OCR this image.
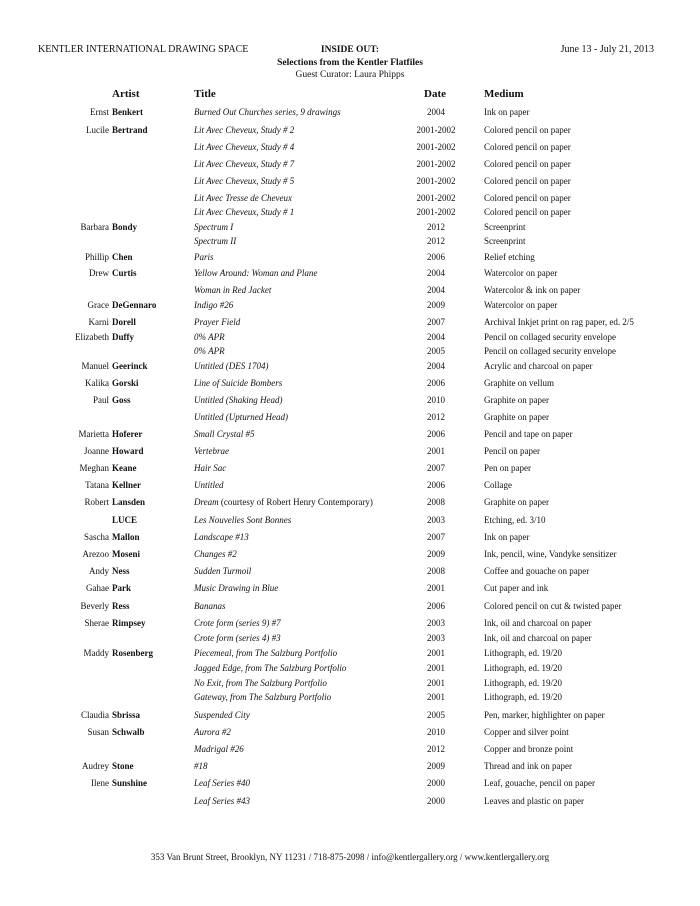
KENTLER INTERNATIONAL DRAWING SPACE	INSIDE OUT:
Selections from the Kentler Flatfiles
Guest Curator: Laura Phipps
June 13 - July 21, 2013
Artist	Title	Date	Medium
Ernst Benkert	Burned Out Churches series, 9 drawings	2004	Ink on paper
Lucile Bertrand	Lit Avec Cheveux, Study # 2	2001-2002	Colored pencil on paper
Lit Avec Cheveux, Study # 4	2001-2002	Colored pencil on paper
Lit Avec Cheveux, Study # 7	2001-2002	Colored pencil on paper
Lit Avec Cheveux, Study # 5	2001-2002	Colored pencil on paper
Lit Avec Tresse de Cheveux	2001-2002	Colored pencil on paper
Lit Avec Cheveux, Study # 1	2001-2002	Colored pencil on paper
Barbara Bondy	Spectrum I	2012	Screenprint
Spectrum II	2012	Screenprint
Phillip Chen	Paris	2006	Relief etching
Drew Curtis	Yellow Around: Woman and Plane	2004	Watercolor on paper
Woman in Red Jacket	2004	Watercolor & ink on paper
Grace DeGennaro	Indigo #26	2009	Watercolor on paper
Karni Dorell	Prayer Field	2007	Archival Inkjet print on rag paper, ed. 2/5
Elizabeth Duffy	0% APR	2004	Pencil on collaged security envelope
0% APR	2005	Pencil on collaged security envelope
Manuel Geerinck	Untitled (DES 1704)	2004	Acrylic and charcoal on paper
Kalika Gorski	Line of Suicide Bombers	2006	Graphite on vellum
Paul Goss	Untitled (Shaking Head)	2010	Graphite on paper
Untitled (Upturned Head)	2012	Graphite on paper
Marietta Hoferer	Small Crystal #5	2006	Pencil and tape on paper
Joanne Howard	Vertebrae	2001	Pencil on paper
Meghan Keane	Hair Sac	2007	Pen on paper
Tatana Kellner	Untitled	2006	Collage
Robert Lansden	Dream (courtesy of Robert Henry Contemporary)	2008	Graphite on paper
LUCE	Les Nouvelles Sont Bonnes	2003	Etching, ed. 3/10
Sascha Mallon	Landscape #13	2007	Ink on paper
Arezoo Moseni	Changes #2	2009	Ink, pencil, wine, Vandyke sensitizer
Andy Ness	Sudden Turmoil	2008	Coffee and gouache on paper
Gahae Park	Music Drawing in Blue	2001	Cut paper and ink
Beverly Ress	Bananas	2006	Colored pencil on cut & twisted paper
Sherae Rimpsey	Crote form (series 9) #7	2003	Ink, oil and charcoal on paper
Crote form (series 4) #3	2003	Ink, oil and charcoal on paper
Maddy Rosenberg	Piecemeal, from The Salzburg Portfolio	2001	Lithograph, ed. 19/20
Jagged Edge, from The Salzburg Portfolio	2001	Lithograph, ed. 19/20
No Exit, from The Salzburg Portfolio	2001	Lithograph, ed. 19/20
Gateway, from The Salzburg Portfolio	2001	Lithograph, ed. 19/20
Claudia Sbrissa	Suspended City	2005	Pen, marker, highlighter on paper
Susan Schwalb	Aurora #2	2010	Copper and silver point
Madrigal #26	2012	Copper and bronze point
Audrey Stone	#18	2009	Thread and ink on paper
Ilene Sunshine	Leaf Series #40	2000	Leaf, gouache, pencil on paper
Leaf Series #43	2000	Leaves and plastic on paper
353 Van Brunt Street, Brooklyn, NY 11231 / 718-875-2098 / info@kentlergallery.org / www.kentlergallery.org
